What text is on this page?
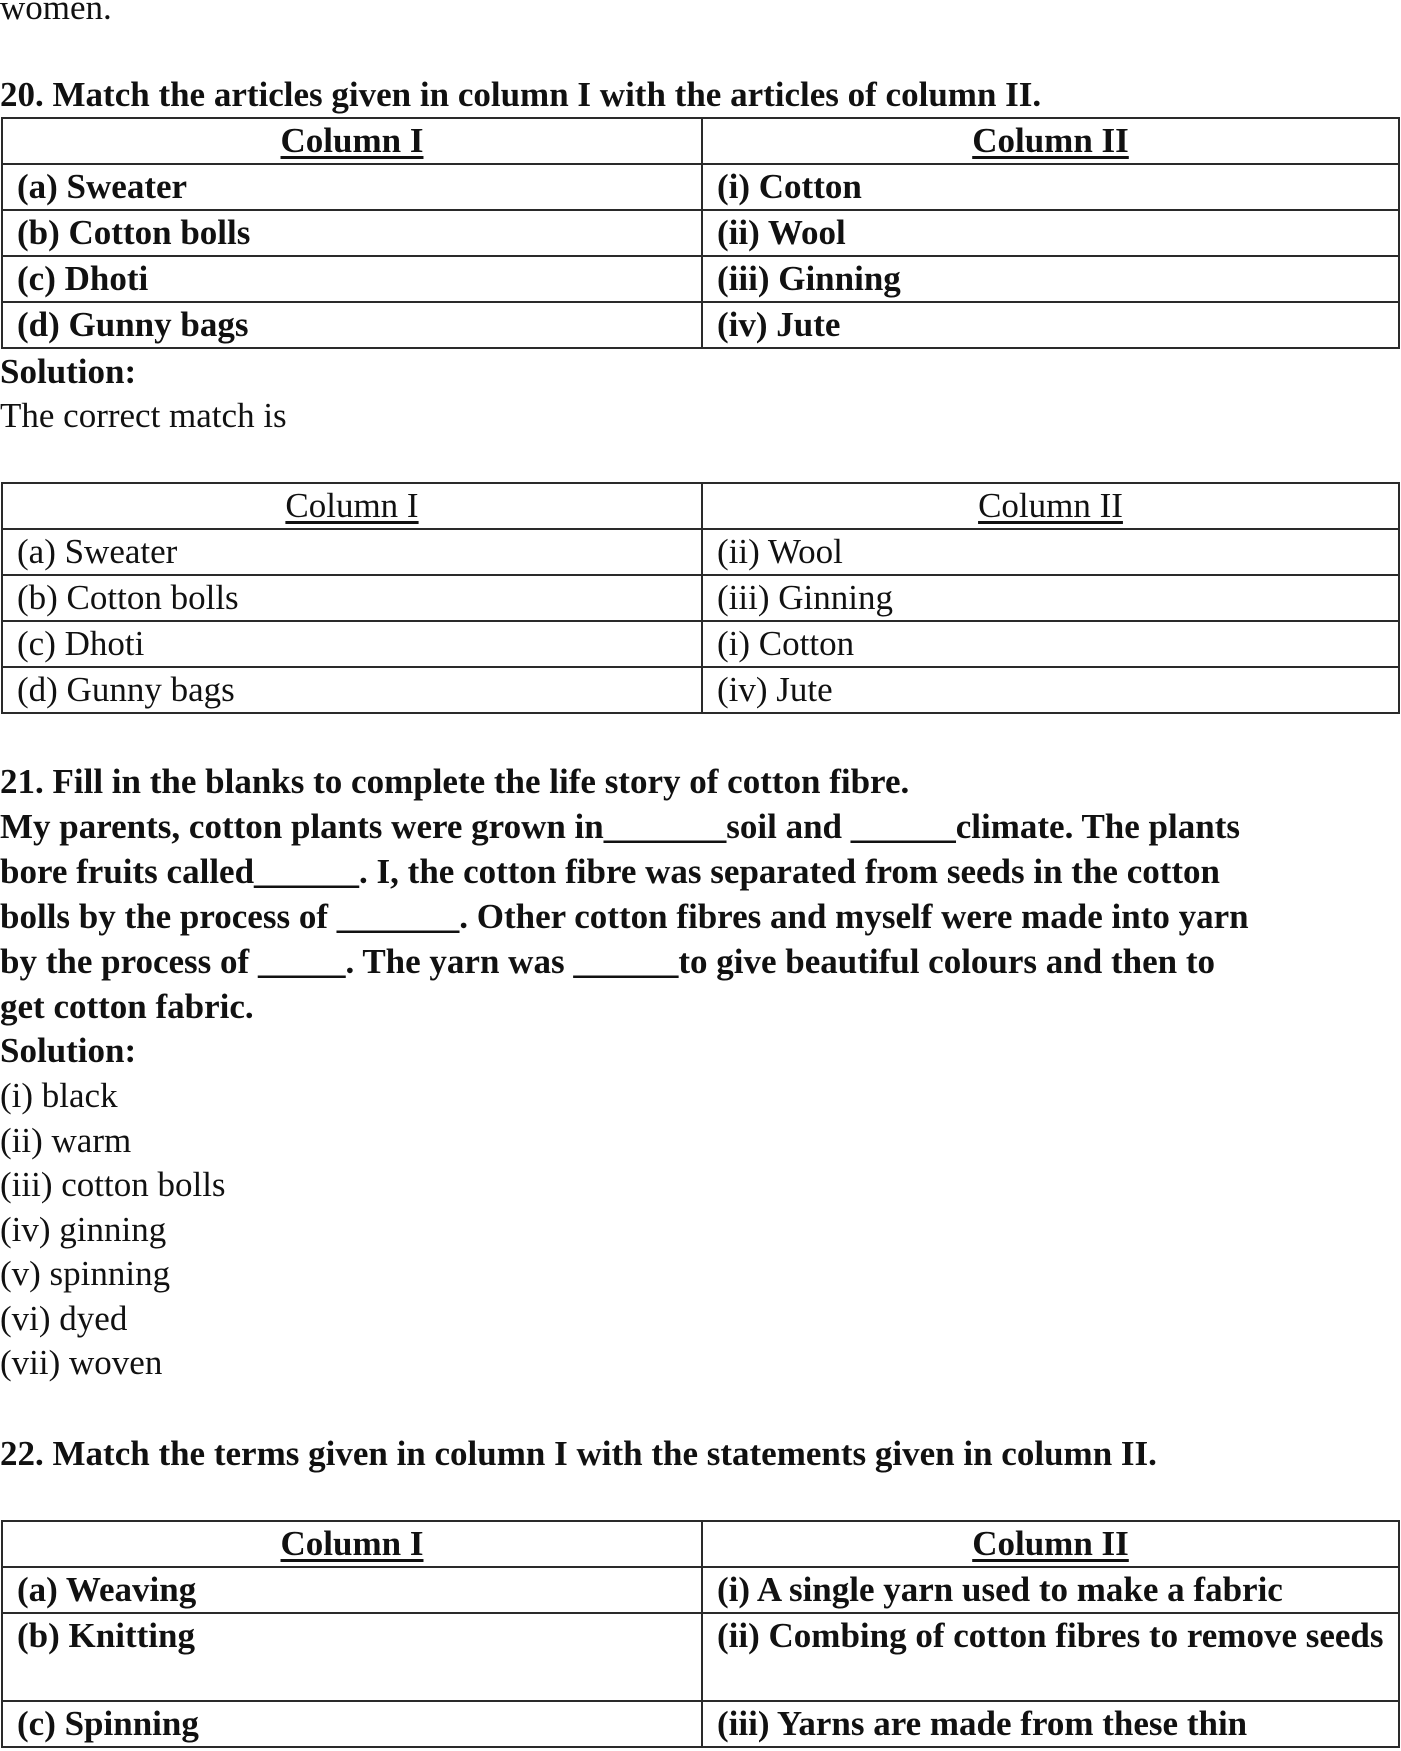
women.
20. Match the articles given in column I with the articles of column II.
Column I	Column II
(a) Sweater	(i) Cotton
(b) Cotton bolls	(ii) Wool
(c) Dhoti	(iii) Ginning
(d) Gunny bags	(iv) Jute
Solution:
The correct match is
Column I	Column II
(a) Sweater	(ii) Wool
(b) Cotton bolls	(iii) Ginning
(c) Dhoti	(i) Cotton
(d) Gunny bags	(iv) Jute
21. Fill in the blanks to complete the life story of cotton fibre.
My parents, cotton plants were grown in_______soil and ______climate. The plants
bore fruits called______. I, the cotton fibre was separated from seeds in the cotton
bolls by the process of _______. Other cotton fibres and myself were made into yarn
by the process of _____. The yarn was ______to give beautiful colours and then to
get cotton fabric.
Solution:
(i) black
(ii) warm
(iii) cotton bolls
(iv) ginning
(v) spinning
(vi) dyed
(vii) woven
22. Match the terms given in column I with the statements given in column II.
Column I	Column II
(a) Weaving	(i) A single yarn used to make a fabric
(b) Knitting	(ii) Combing of cotton fibres to remove seeds
(c) Spinning	(iii) Yarns are made from these thin
